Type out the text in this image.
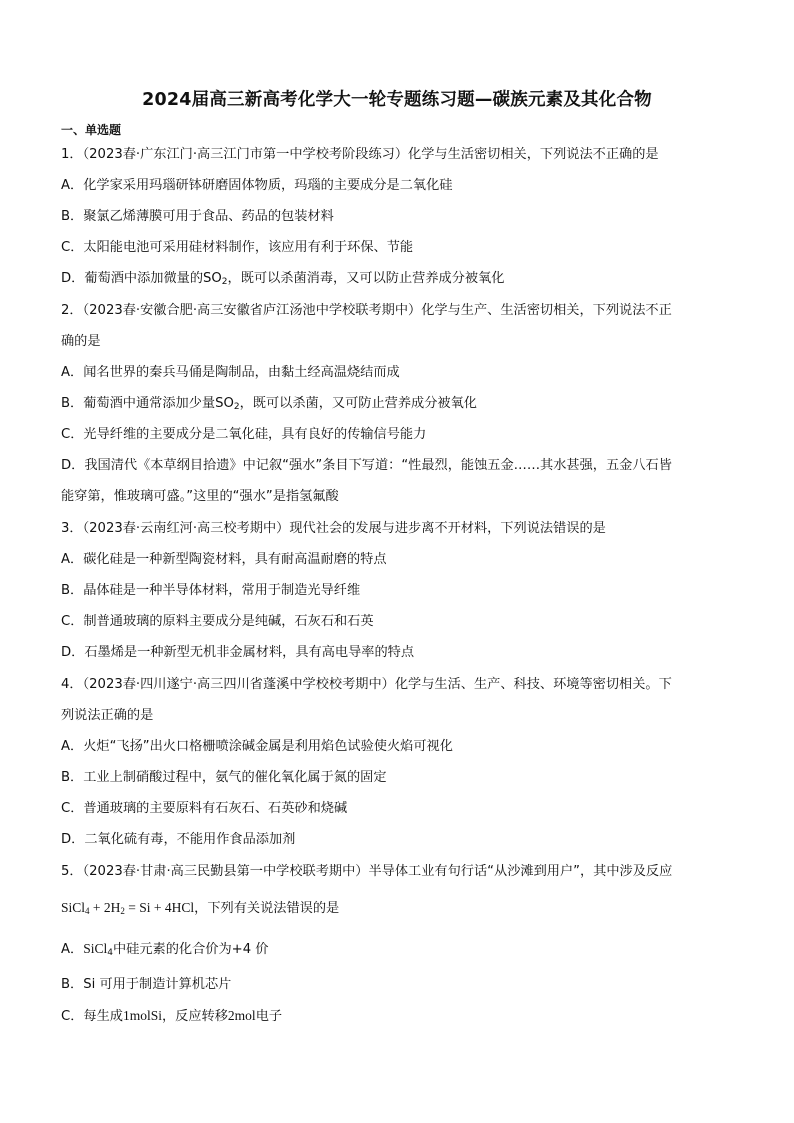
2024届高三新高考化学大一轮专题练习题—碳族元素及其化合物
一、单选题
1．（2023春·广东江门·高三江门市第一中学校考阶段练习）化学与生活密切相关，下列说法不正确的是
A．化学家采用玛瑙研钵研磨固体物质，玛瑙的主要成分是二氧化硅
B．聚氯乙烯薄膜可用于食品、药品的包装材料
C．太阳能电池可采用硅材料制作，该应用有利于环保、节能
D．葡萄酒中添加微量的$SO_2$，既可以杀菌消毒，又可以防止营养成分被氧化
2．（2023春·安徽合肥·高三安徽省庐江汤池中学校联考期中）化学与生产、生活密切相关，下列说法不正
确的是
A．闻名世界的秦兵马俑是陶制品，由黏土经高温烧结而成
B．葡萄酒中通常添加少量$SO_2$，既可以杀菌，又可防止营养成分被氧化
C．光导纤维的主要成分是二氧化硅，具有良好的传输信号能力
D．我国清代《本草纲目拾遗》中记叙“强水”条目下写道：“性最烈，能蚀五金……其水甚强，五金八石皆
能穿第，惟玻璃可盛。”这里的“强水”是指氢氟酸
3．（2023春·云南红河·高三校考期中）现代社会的发展与进步离不开材料，下列说法错误的是
A．碳化硅是一种新型陶瓷材料，具有耐高温耐磨的特点
B．晶体硅是一种半导体材料，常用于制造光导纤维
C．制普通玻璃的原料主要成分是纯碱，石灰石和石英
D．石墨烯是一种新型无机非金属材料，具有高电导率的特点
4．（2023春·四川遂宁·高三四川省蓬溪中学校校考期中）化学与生活、生产、科技、环境等密切相关。下
列说法正确的是
A．火炬“飞扬”出火口格栅喷涂碱金属是利用焰色试验使火焰可视化
B．工业上制硝酸过程中，氨气的催化氧化属于氮的固定
C．普通玻璃的主要原料有石灰石、石英砂和烧碱
D．二氧化硫有毒，不能用作食品添加剂
5．（2023春·甘肃·高三民勤县第一中学校联考期中）半导体工业有句行话“从沙滩到用户”，其中涉及反应
SiCl$_4$ + $2H_2 = Si + 4HCl$，下列有关说法错误的是
A．SiCl$_4$中硅元素的化合价为+4 价
B．Si 可用于制造计算机芯片
C．每生成1molSi，反应转移2mol电子
